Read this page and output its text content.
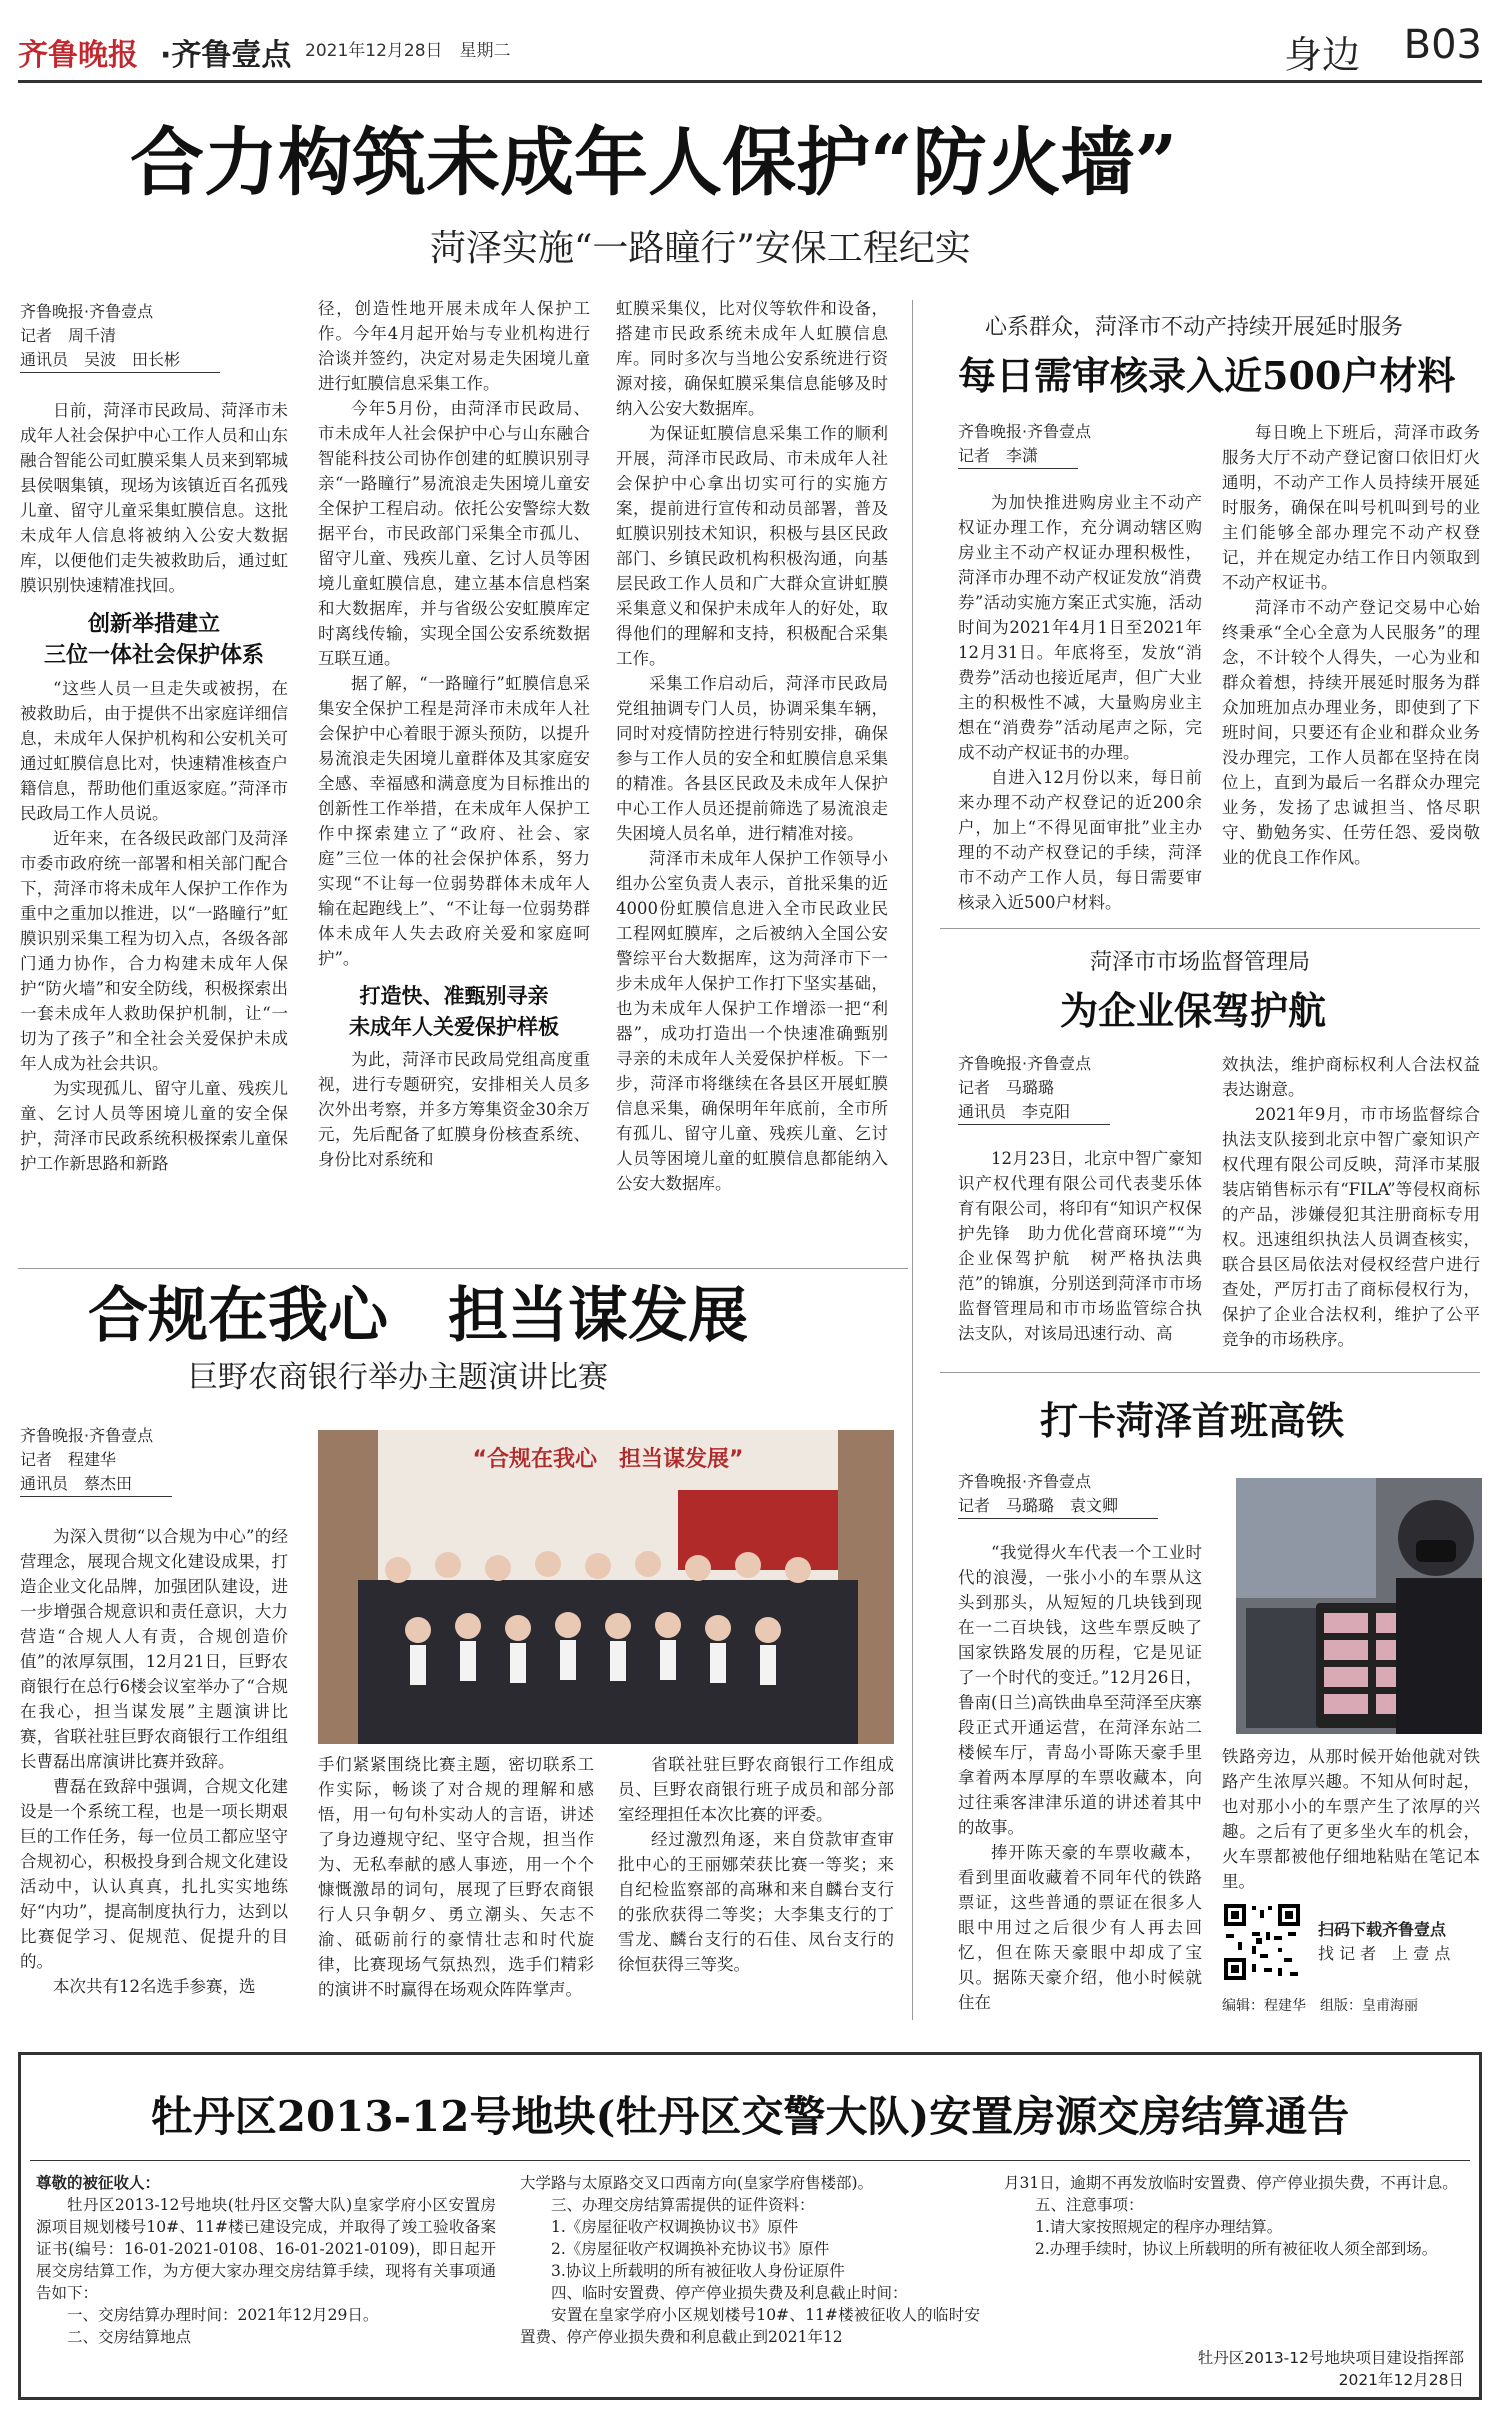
齐鲁晚报 ·齐鲁壹点 2021年12月28日　星期二	身边 B03
合力构筑未成年人保护“防火墙”
菏泽实施“一路瞳行”安保工程纪实
齐鲁晚报·齐鲁壹点
记者　周千清
通讯员　吴波　田长彬

日前，菏泽市民政局、菏泽市未成年人社会保护中心工作人员和山东融合智能公司虹膜采集人员来到郓城县侯咽集镇，现场为该镇近百名孤残儿童、留守儿童采集虹膜信息。这批未成年人信息将被纳入公安大数据库，以便他们走失被救助后，通过虹膜识别快速精准找回。

创新举措建立
三位一体社会保护体系

“这些人员一旦走失或被拐，在被救助后，由于提供不出家庭详细信息，未成年人保护机构和公安机关可通过虹膜信息比对，快速精准核查户籍信息，帮助他们重返家庭。”菏泽市民政局工作人员说。

近年来，在各级民政部门及菏泽市委市政府统一部署和相关部门配合下，菏泽市将未成年人保护工作作为重中之重加以推进，以“一路瞳行”虹膜识别采集工程为切入点，各级各部门通力协作，合力构建未成年人保护“防火墙”和安全防线，积极探索出一套未成年人救助保护机制，让“一切为了孩子”和全社会关爱保护未成年人成为社会共识。

为实现孤儿、留守儿童、残疾儿童、乞讨人员等困境儿童的安全保护，菏泽市民政系统积极探索儿童保护工作新思路和新路

径，创造性地开展未成年人保护工作。今年4月起开始与专业机构进行洽谈并签约，决定对易走失困境儿童进行虹膜信息采集工作。

今年5月份，由菏泽市民政局、市未成年人社会保护中心与山东融合智能科技公司协作创建的虹膜识别寻亲“一路瞳行”易流浪走失困境儿童安全保护工程启动。依托公安警综大数据平台，市民政部门采集全市孤儿、留守儿童、残疾儿童、乞讨人员等困境儿童虹膜信息，建立基本信息档案和大数据库，并与省级公安虹膜库定时离线传输，实现全国公安系统数据互联互通。

据了解，“一路瞳行”虹膜信息采集安全保护工程是菏泽市未成年人社会保护中心着眼于源头预防，以提升易流浪走失困境儿童群体及其家庭安全感、幸福感和满意度为目标推出的创新性工作举措，在未成年人保护工作中探索建立了“政府、社会、家庭”三位一体的社会保护体系，努力实现“不让每一位弱势群体未成年人输在起跑线上”、“不让每一位弱势群体未成年人失去政府关爱和家庭呵护”。

打造快、准甄别寻亲
未成年人关爱保护样板

为此，菏泽市民政局党组高度重视，进行专题研究，安排相关人员多次外出考察，并多方筹集资金30余万元，先后配备了虹膜身份核查系统、身份比对系统和

虹膜采集仪，比对仪等软件和设备，搭建市民政系统未成年人虹膜信息库。同时多次与当地公安系统进行资源对接，确保虹膜采集信息能够及时纳入公安大数据库。

为保证虹膜信息采集工作的顺利开展，菏泽市民政局、市未成年人社会保护中心拿出切实可行的实施方案，提前进行宣传和动员部署，普及虹膜识别技术知识，积极与县区民政部门、乡镇民政机构积极沟通，向基层民政工作人员和广大群众宣讲虹膜采集意义和保护未成年人的好处，取得他们的理解和支持，积极配合采集工作。

采集工作启动后，菏泽市民政局党组抽调专门人员，协调采集车辆，同时对疫情防控进行特别安排，确保参与工作人员的安全和虹膜信息采集的精准。各县区民政及未成年人保护中心工作人员还提前筛选了易流浪走失困境人员名单，进行精准对接。

菏泽市未成年人保护工作领导小组办公室负责人表示，首批采集的近4000份虹膜信息进入全市民政业民工程网虹膜库，之后被纳入全国公安警综平台大数据库，这为菏泽市下一步未成年人保护工作打下坚实基础，也为未成年人保护工作增添一把“利器”，成功打造出一个快速准确甄别寻亲的未成年人关爱保护样板。下一步，菏泽市将继续在各县区开展虹膜信息采集，确保明年年底前，全市所有孤儿、留守儿童、残疾儿童、乞讨人员等困境儿童的虹膜信息都能纳入公安大数据库。

心系群众，菏泽市不动产持续开展延时服务
每日需审核录入近500户材料
齐鲁晚报·齐鲁壹点
记者　李潇

为加快推进购房业主不动产权证办理工作，充分调动辖区购房业主不动产权证办理积极性，菏泽市办理不动产权证发放“消费券”活动实施方案正式实施，活动时间为2021年4月1日至2021年12月31日。年底将至，发放“消费券”活动也接近尾声，但广大业主的积极性不减，大量购房业主想在“消费券”活动尾声之际，完成不动产权证书的办理。

自进入12月份以来，每日前来办理不动产权登记的近200余户，加上“不得见面审批”业主办理的不动产权登记的手续，菏泽市不动产工作人员，每日需要审核录入近500户材料。

每日晚上下班后，菏泽市政务服务大厅不动产登记窗口依旧灯火通明，不动产工作人员持续开展延时服务，确保在叫号机叫到号的业主们能够全部办理完不动产权登记，并在规定办结工作日内领取到不动产权证书。

菏泽市不动产登记交易中心始终秉承“全心全意为人民服务”的理念，不计较个人得失，一心为业和群众着想，持续开展延时服务为群众加班加点办理业务，即使到了下班时间，只要还有企业和群众业务没办理完，工作人员都在坚持在岗位上，直到为最后一名群众办理完业务，发扬了忠诚担当、恪尽职守、勤勉务实、任劳任怨、爱岗敬业的优良工作作风。

菏泽市市场监督管理局
为企业保驾护航
齐鲁晚报·齐鲁壹点
记者　马璐璐
通讯员　李克阳

12月23日，北京中智广豪知识产权代理有限公司代表斐乐体育有限公司，将印有“知识产权保护先锋　助力优化营商环境”“为企业保驾护航　树严格执法典范”的锦旗，分别送到菏泽市市场监督管理局和市市场监管综合执法支队，对该局迅速行动、高

效执法，维护商标权利人合法权益表达谢意。

2021年9月，市市场监督综合执法支队接到北京中智广豪知识产权代理有限公司反映，菏泽市某服装店销售标示有“FILA”等侵权商标的产品，涉嫌侵犯其注册商标专用权。迅速组织执法人员调查核实，联合县区局依法对侵权经营户进行查处，严厉打击了商标侵权行为，保护了企业合法权利，维护了公平竞争的市场秩序。

打卡菏泽首班高铁
齐鲁晚报·齐鲁壹点
记者　马璐璐　袁文卿

“我觉得火车代表一个工业时代的浪漫，一张小小的车票从这头到那头，从短短的几块钱到现在一二百块钱，这些车票反映了国家铁路发展的历程，它是见证了一个时代的变迁。”12月26日，鲁南(日兰)高铁曲阜至菏泽至庆寨段正式开通运营，在菏泽东站二楼候车厅，青岛小哥陈天豪手里拿着两本厚厚的车票收藏本，向过往乘客津津乐道的讲述着其中的故事。

捧开陈天豪的车票收藏本，看到里面收藏着不同年代的铁路票证，这些普通的票证在很多人眼中用过之后很少有人再去回忆，但在陈天豪眼中却成了宝贝。据陈天豪介绍，他小时候就住在

铁路旁边，从那时候开始他就对铁路产生浓厚兴趣。不知从何时起，也对那小小的车票产生了浓厚的兴趣。之后有了更多坐火车的机会，火车票都被他仔细地粘贴在笔记本里。

扫码下载齐鲁壹点
找 记 者　上 壹 点
编辑：程建华　组版：皇甫海丽
合规在我心　担当谋发展
巨野农商银行举办主题演讲比赛
齐鲁晚报·齐鲁壹点
记者　程建华
通讯员　蔡杰田

为深入贯彻“以合规为中心”的经营理念，展现合规文化建设成果，打造企业文化品牌，加强团队建设，进一步增强合规意识和责任意识，大力营造“合规人人有责，合规创造价值”的浓厚氛围，12月21日，巨野农商银行在总行6楼会议室举办了“合规在我心，担当谋发展”主题演讲比赛，省联社驻巨野农商银行工作组组长曹磊出席演讲比赛并致辞。

曹磊在致辞中强调，合规文化建设是一个系统工程，也是一项长期艰巨的工作任务，每一位员工都应坚守合规初心，积极投身到合规文化建设活动中，认认真真，扎扎实实地练好“内功”，提高制度执行力，达到以比赛促学习、促规范、促提升的目的。

本次共有12名选手参赛，选

“合规在我心　担当谋发展”

手们紧紧围绕比赛主题，密切联系工作实际，畅谈了对合规的理解和感悟，用一句句朴实动人的言语，讲述了身边遵规守纪、坚守合规，担当作为、无私奉献的感人事迹，用一个个慷慨激昂的词句，展现了巨野农商银行人只争朝夕、勇立潮头、矢志不渝、砥砺前行的豪情壮志和时代旋律，比赛现场气氛热烈，选手们精彩的演讲不时赢得在场观众阵阵掌声。

省联社驻巨野农商银行工作组成员、巨野农商银行班子成员和部分部室经理担任本次比赛的评委。

经过激烈角逐，来自贷款审查审批中心的王丽娜荣获比赛一等奖；来自纪检监察部的高琳和来自麟台支行的张欣获得二等奖；大李集支行的丁雪龙、麟台支行的石佳、凤台支行的徐恒获得三等奖。

牡丹区2013-12号地块(牡丹区交警大队)安置房源交房结算通告

尊敬的被征收人：

牡丹区2013-12号地块(牡丹区交警大队)皇家学府小区安置房源项目规划楼号10#、11#楼已建设完成，并取得了竣工验收备案证书(编号：16-01-2021-0108、16-01-2021-0109)，即日起开展交房结算工作，为方便大家办理交房结算手续，现将有关事项通告如下：

一、交房结算办理时间：2021年12月29日。

二、交房结算地点

大学路与太原路交叉口西南方向(皇家学府售楼部)。

三、办理交房结算需提供的证件资料：

1.《房屋征收产权调换协议书》原件

2.《房屋征收产权调换补充协议书》原件

3.协议上所载明的所有被征收人身份证原件

四、临时安置费、停产停业损失费及利息截止时间：

安置在皇家学府小区规划楼号10#、11#楼被征收人的临时安置费、停产停业损失费和利息截止到2021年12

月31日，逾期不再发放临时安置费、停产停业损失费，不再计息。

五、注意事项：

1.请大家按照规定的程序办理结算。

2.办理手续时，协议上所载明的所有被征收人须全部到场。

牡丹区2013-12号地块项目建设指挥部
2021年12月28日
